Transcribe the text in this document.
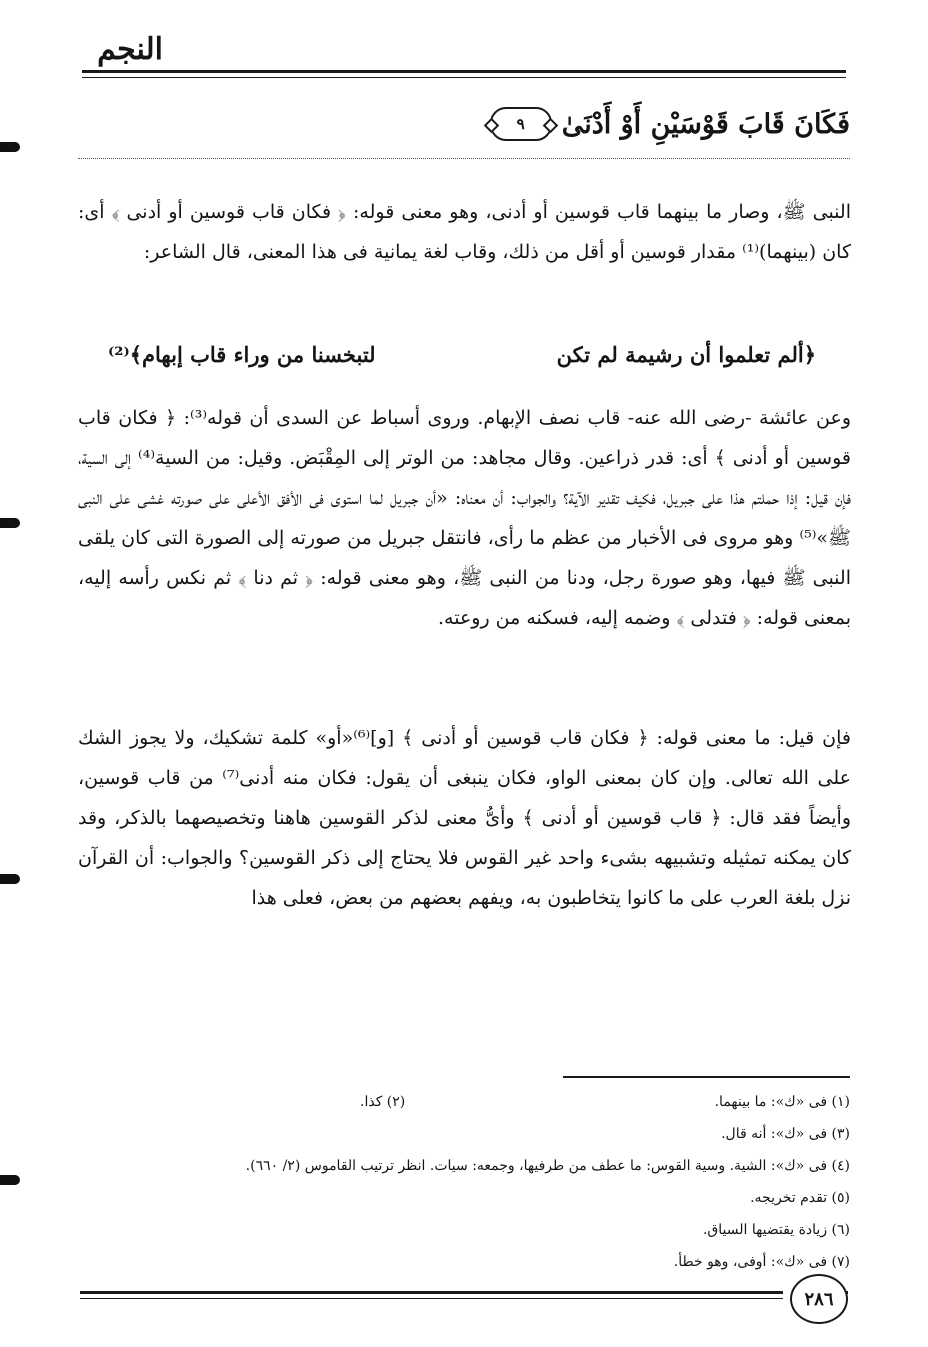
النجم
٩ فَكَانَ قَابَ قَوْسَيْنِ أَوْ أَدْنَىٰ
النبى ﷺ، وصار ما بينهما قاب قوسين أو أدنى، وهو معنى قوله: ﴿ فكان قاب قوسين أو أدنى ﴾ أى: كان (بينهما)⁽¹⁾ مقدار قوسين أو أقل من ذلك، وقاب لغة يمانية فى هذا المعنى، قال الشاعر:
﴿ألم تعلموا أن رشيمة لم تكن
لتبخسنا من وراء قاب إبهام﴾⁽²⁾
وعن عائشة -رضى الله عنه- قاب نصف الإبهام. وروى أسباط عن السدى أن قوله⁽³⁾: ﴿ فكان قاب قوسين أو أدنى ﴾ أى: قدر ذراعين. وقال مجاهد: من الوتر إلى المِقْبَض. وقيل: من السية⁽⁴⁾ إلى السية، فإن قيل: إذا حملتم هذا على جبريل، فكيف تقدير الآية؟ والجواب: أن معناه: «أن جبريل لما استوى فى الأفق الأعلى على صورته غشى على النبى ﷺ»⁽⁵⁾ وهو مروى فى الأخبار من عظم ما رأى، فانتقل جبريل من صورته إلى الصورة التى كان يلقى النبى ﷺ فيها، وهو صورة رجل، ودنا من النبى ﷺ، وهو معنى قوله: ﴿ ثم دنا ﴾ ثم نكس رأسه إليه، بمعنى قوله: ﴿ فتدلى ﴾ وضمه إليه، فسكنه من روعته.
فإن قيل: ما معنى قوله: ﴿ فكان قاب قوسين أو أدنى ﴾ [و]⁽⁶⁾«أو» كلمة تشكيك، ولا يجوز الشك على الله تعالى. وإن كان بمعنى الواو، فكان ينبغى أن يقول: فكان منه أدنى⁽⁷⁾ من قاب قوسين، وأيضاً فقد قال: ﴿ قاب قوسين أو أدنى ﴾ وأىُّ معنى لذكر القوسين هاهنا وتخصيصهما بالذكر، وقد كان يمكنه تمثيله وتشبيهه بشىء واحد غير القوس فلا يحتاج إلى ذكر القوسين؟ والجواب: أن القرآن نزل بلغة العرب على ما كانوا يتخاطبون به، ويفهم بعضهم من بعض، فعلى هذا
(١) فى «ك»: ما بينهما.
(٢) كذا.
(٣) فى «ك»: أنه قال.
(٤) فى «ك»: الشية. وسية القوس: ما عطف من طرفيها، وجمعه: سيات. انظر ترتيب القاموس (٢/ ٦٦٠).
(٥) تقدم تخريجه.
(٦) زيادة يقتضيها السياق.
(٧) فى «ك»: أوفى، وهو خطأ.
٢٨٦
